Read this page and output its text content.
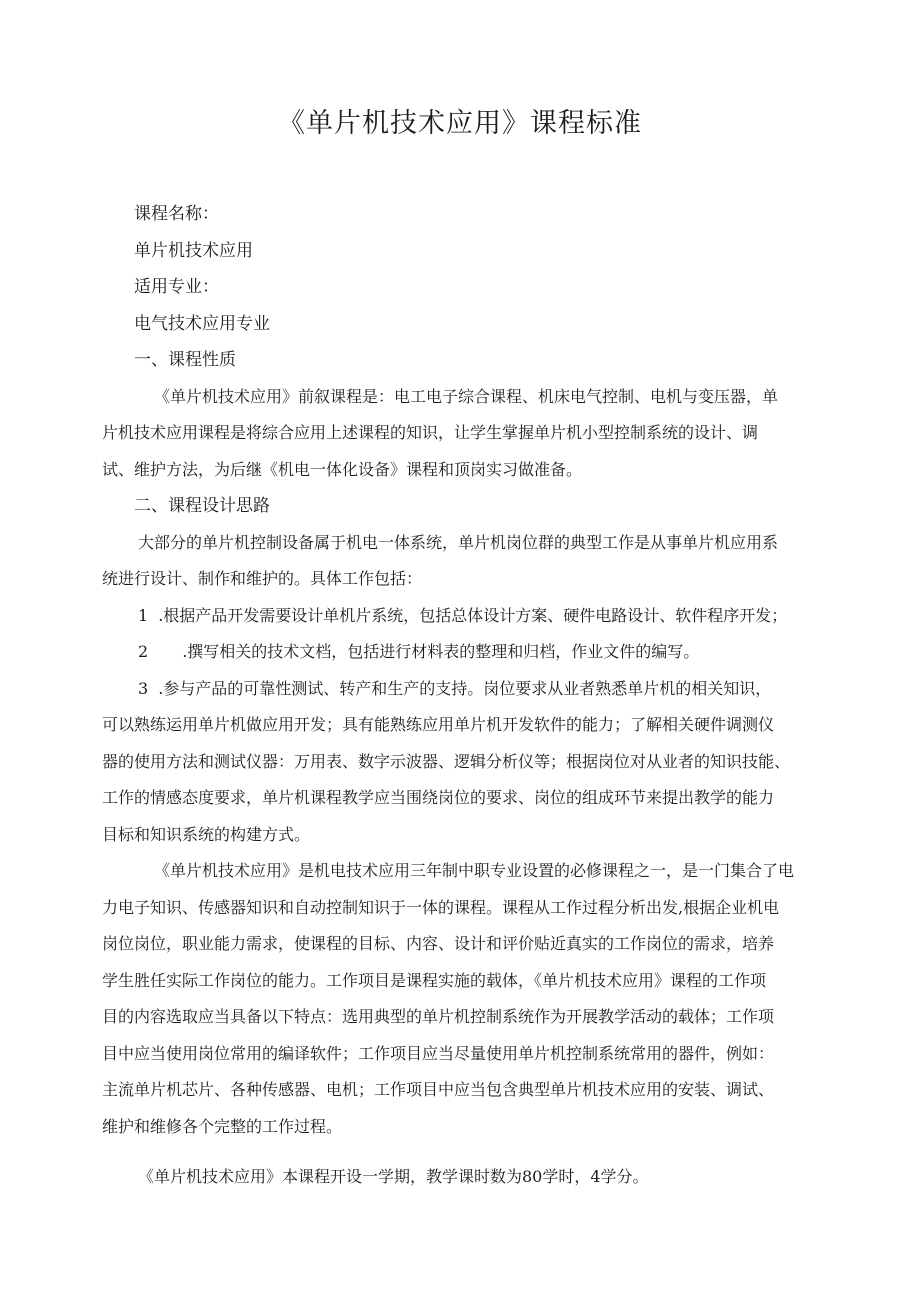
《单片机技术应用》课程标准

课程名称：

单片机技术应用

适用专业：

电气技术应用专业

一、课程性质

《单片机技术应用》前叙课程是：电工电子综合课程、机床电气控制、电机与变压器，单

片机技术应用课程是将综合应用上述课程的知识，让学生掌握单片机小型控制系统的设计、调

试、维护方法，为后继《机电一体化设备》课程和顶岗实习做准备。

二、课程设计思路

大部分的单片机控制设备属于机电一体系统，单片机岗位群的典型工作是从事单片机应用系

统进行设计、制作和维护的。具体工作包括：

1 .根据产品开发需要设计单机片系统，包括总体设计方案、硬件电路设计、软件程序开发；

2 .撰写相关的技术文档，包括进行材料表的整理和归档，作业文件的编写。

3 .参与产品的可靠性测试、转产和生产的支持。岗位要求从业者熟悉单片机的相关知识，

可以熟练运用单片机做应用开发；具有能熟练应用单片机开发软件的能力；了解相关硬件调测仪

器的使用方法和测试仪器：万用表、数字示波器、逻辑分析仪等；根据岗位对从业者的知识技能、

工作的情感态度要求，单片机课程教学应当围绕岗位的要求、岗位的组成环节来提出教学的能力

目标和知识系统的构建方式。

《单片机技术应用》是机电技术应用三年制中职专业设置的必修课程之一，是一门集合了电

力电子知识、传感器知识和自动控制知识于一体的课程。课程从工作过程分析出发,根据企业机电

岗位岗位，职业能力需求，使课程的目标、内容、设计和评价贴近真实的工作岗位的需求，培养

学生胜任实际工作岗位的能力。工作项目是课程实施的载体，《单片机技术应用》课程的工作项

目的内容选取应当具备以下特点：选用典型的单片机控制系统作为开展教学活动的载体；工作项

目中应当使用岗位常用的编译软件；工作项目应当尽量使用单片机控制系统常用的器件，例如：

主流单片机芯片、各种传感器、电机；工作项目中应当包含典型单片机技术应用的安装、调试、

维护和维修各个完整的工作过程。

《单片机技术应用》本课程开设一学期，教学课时数为80学时，4学分。
